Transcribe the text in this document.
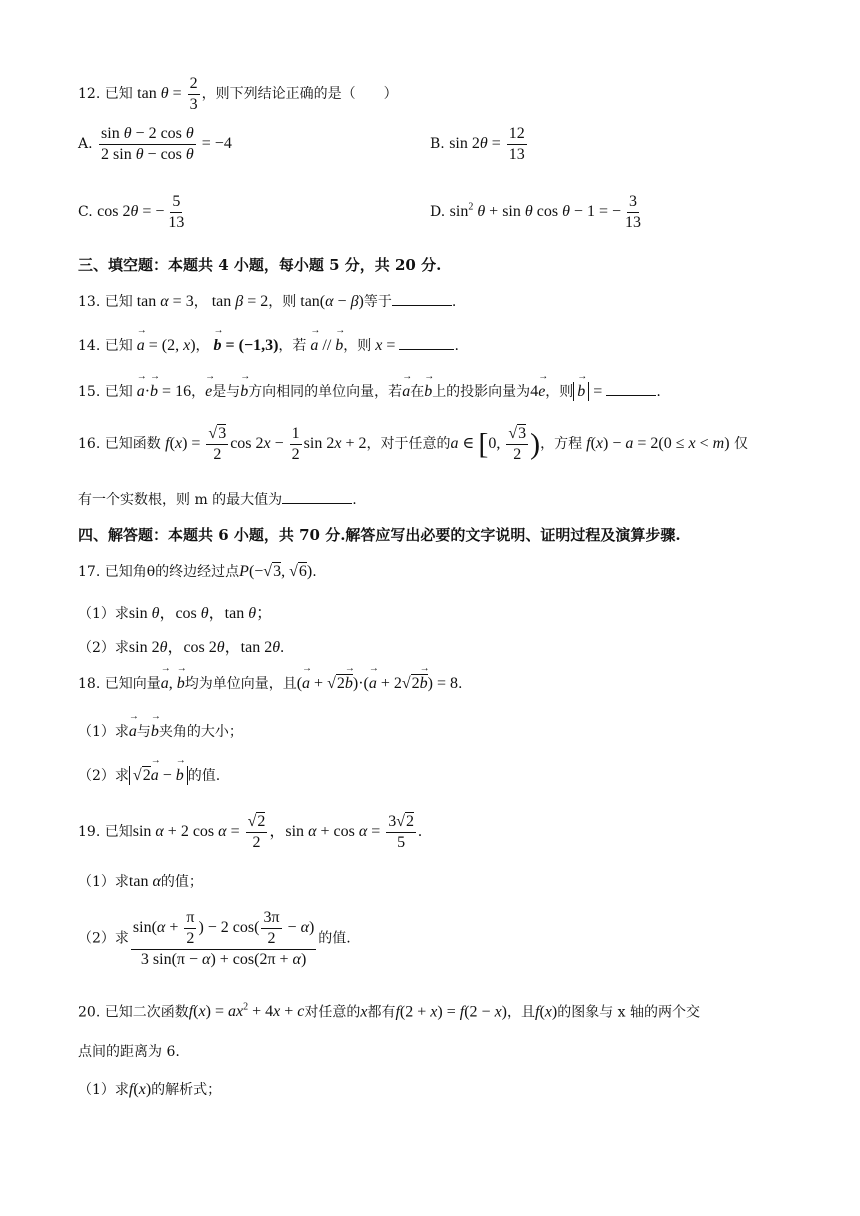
12. 已知 $\tan \theta = \frac{2}{3}$ ，则下列结论正确的是（　　）
A. $\frac{\text{sin θ − 2 cos θ}}{\text{2 sin θ − cos θ}} = -4$	B. $\sin 2\theta = \frac{12}{13}$
C. cos 2θ = − $\frac{5}{13}$	D. $\sin^2 \theta + \sin \theta$ cos θ − 1 = − $\frac{3}{13}$
三、填空题：本题共 4 小题，每小题 5 分，共 20 分.
13. 已知 tan α = 3， tan β = 2，则 tan(α − β)等于	.
14. 已知 → a = (2, x)， → b = (−1,3)，若 → a // → b，则 x =	.
15. 已知 → a·→ b = 16，→ e是与→ b方向相同的单位向量，若→ a在→ b上的投影向量为4→ e，则 → b =	.
16. 已知函数 $f(x) = \frac{√3}{2}$ $\cos 2x - \frac{1}{2}$ sin 2x + 2，对于任意的a ∈ [0, $\frac{√3}{2}$ )，方程 f(x) − a = 2(0 ≤ x < m) 仅
有一个实数根，则 m 的最大值为	.
四、解答题：本题共 6 小题，共 70 分.解答应写出必要的文字说明、证明过程及演算步骤.
17. 已知角θ的终边经过点P(−√3, √6).
（1）求sin θ，cos θ，tan θ；
（2）求sin 2θ，cos 2θ，tan 2θ.
18. 已知向量→ a, → b均为单位向量，且(→ a + √2→ b)·(→ a + 2√2→ b) = 8.
（1）求→ a与→ b夹角的大小；
（2）求 √2→ a − → b 的值.
19. 已知sin α + 2 $\cos \alpha = \frac{√2}{2}$ ，$\sin \alpha + \cos \alpha = \frac{3√2}{5}$ .
（1）求tan α的值；
（2）求 $\frac{\sin(\alpha + \frac{\pi}{2} ) - 2 \cos( \frac{3\pi}{2} - \alpha)}{3 \sin(\pi - \alpha) + \cos(2\pi + \alpha)}$ 的值.
20. 已知二次函数$f(x) = ax^2 + 4x + c$对任意的x都有f(2 + x) = f(2 − x)，且f(x)的图象与 x 轴的两个交
点间的距离为 6.
（1）求f(x)的解析式；
